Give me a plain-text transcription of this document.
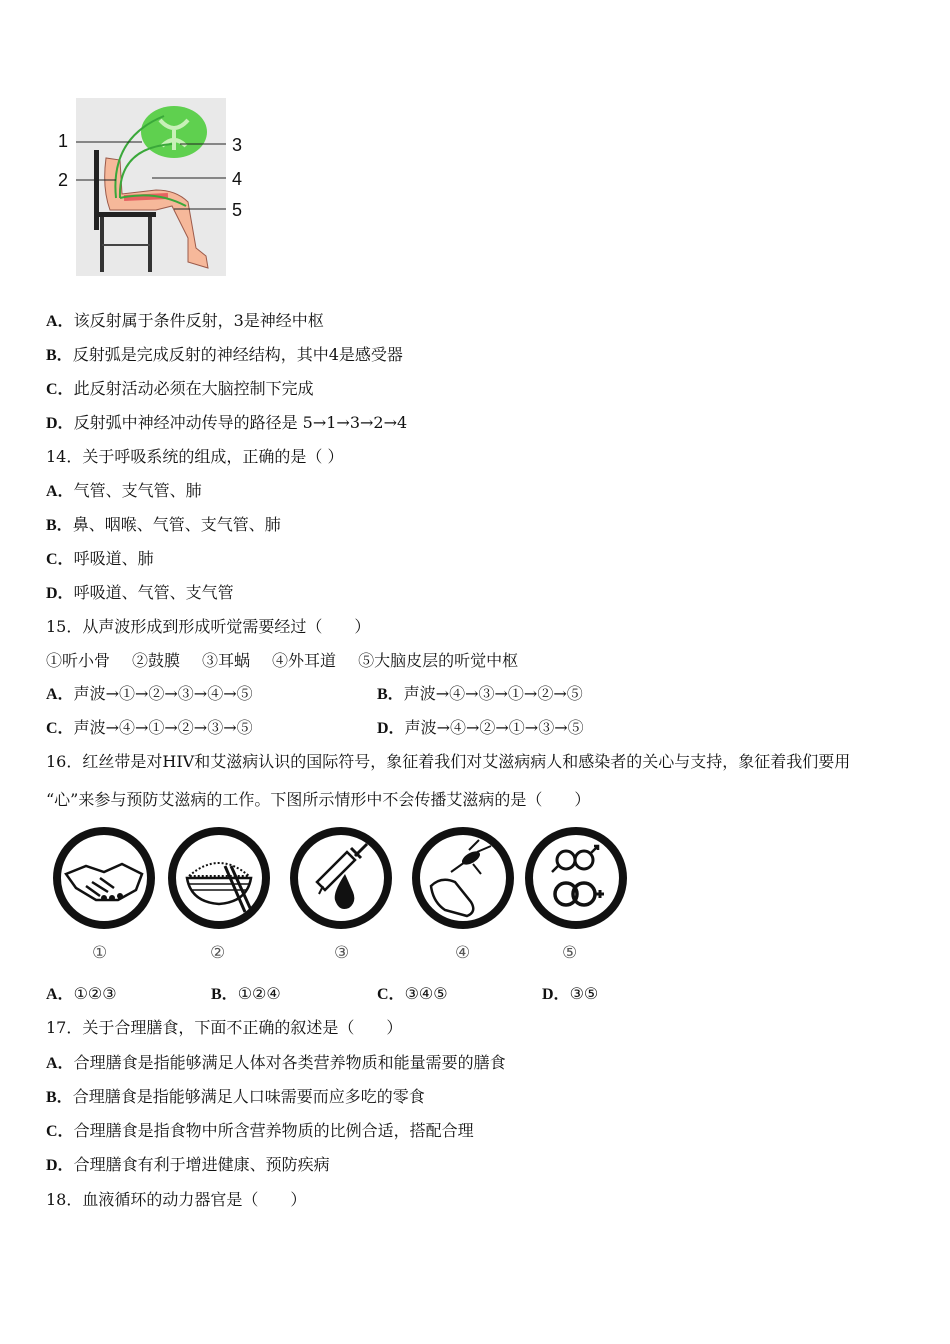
1
2
3
4
5
A．该反射属于条件反射，3是神经中枢
B．反射弧是完成反射的神经结构，其中4是感受器
C．此反射活动必须在大脑控制下完成
D．反射弧中神经冲动传导的路径是 5→1→3→2→4
14．关于呼吸系统的组成，正确的是（ ）
A．气管、支气管、肺
B．鼻、咽喉、气管、支气管、肺
C．呼吸道、肺
D．呼吸道、气管、支气管
15．从声波形成到形成听觉需要经过（　　）
①听小骨 ②鼓膜 ③耳蜗 ④外耳道 ⑤大脑皮层的听觉中枢
A．声波→①→②→③→④→⑤	B．声波→④→③→①→②→⑤
C．声波→④→①→②→③→⑤	D．声波→④→②→①→③→⑤
16．红丝带是对HIV和艾滋病认识的国际符号，象征着我们对艾滋病病人和感染者的关心与支持，象征着我们要用
“心”来参与预防艾滋病的工作。下图所示情形中不会传播艾滋病的是（　　）
①	②	③	④	⑤
A．①②③	B．①②④	C．③④⑤	D．③⑤
17．关于合理膳食，下面不正确的叙述是（　　）
A．合理膳食是指能够满足人体对各类营养物质和能量需要的膳食
B．合理膳食是指能够满足人口味需要而应多吃的零食
C．合理膳食是指食物中所含营养物质的比例合适，搭配合理
D．合理膳食有利于增进健康、预防疾病
18．血液循环的动力器官是（　　）
